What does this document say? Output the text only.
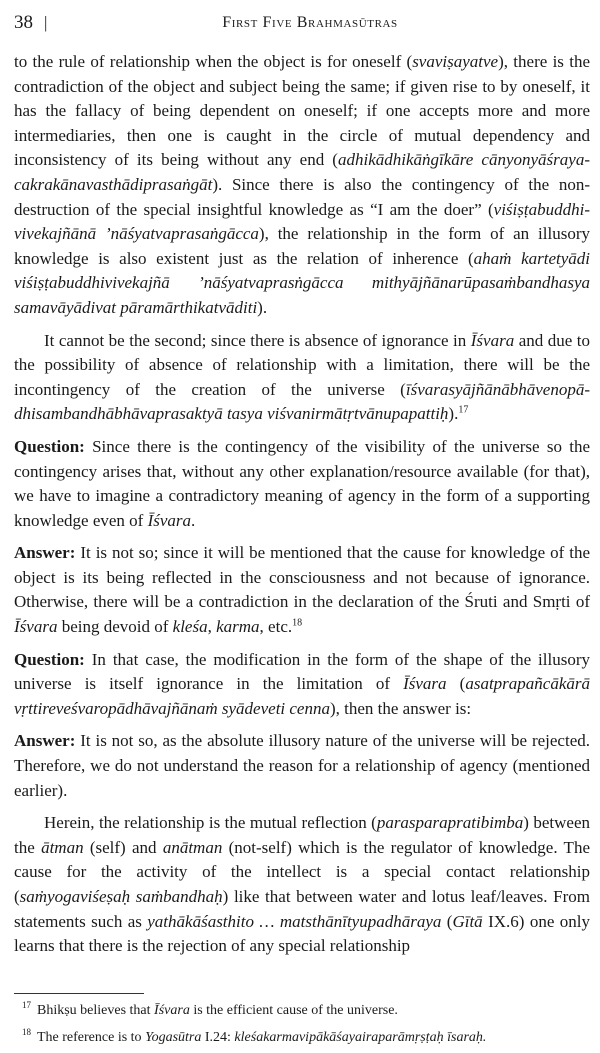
38 |	First Five Brahmasūtras

to the rule of relationship when the object is for oneself (svaviṣayatve), there is the contradiction of the object and subject being the same; if given rise to by oneself, it has the fallacy of being dependent on oneself; if one accepts more and more intermediaries, then one is caught in the circle of mutual dependency and inconsistency of its being without any end (adhikādhikāṅgīkāre cānyonyāśraya-cakrakānavasthādiprasaṅgāt). Since there is also the contingency of the non-destruction of the special insightful knowledge as “I am the doer” (viśiṣṭabuddhi-vivekajñānā ’nāśyatvaprasaṅgācca), the relationship in the form of an illusory knowledge is also existent just as the relation of inherence (ahaṁ kartetyādi viśiṣṭabuddhivivekajñā ’nāśyatvaprasṅgācca mithyājñānarūpasaṁbandhasya samavāyādivat pāramārthikatvāditi).

It cannot be the second; since there is absence of ignorance in Īśvara and due to the possibility of absence of relationship with a limitation, there will be the incontingency of the creation of the universe (īśvarasyājñānābhāvenopā-dhisambandhābhāvaprasaktyā tasya viśvanirmātṛtvānupapattiḥ).$^{17}$

Question: Since there is the contingency of the visibility of the universe so the contingency arises that, without any other explanation/resource available (for that), we have to imagine a contradictory meaning of agency in the form of a supporting knowledge even of Īśvara.

Answer: It is not so; since it will be mentioned that the cause for knowledge of the object is its being reflected in the consciousness and not because of ignorance. Otherwise, there will be a contradiction in the declaration of the Śruti and Smṛti of Īśvara being devoid of kleśa, karma, etc.$^{18}$

Question: In that case, the modification in the form of the shape of the illusory universe is itself ignorance in the limitation of Īśvara (asatprapañcākārā vṛttireveśvaropādhāvajñānaṁ syādeveti cenna), then the answer is:

Answer: It is not so, as the absolute illusory nature of the universe will be rejected. Therefore, we do not understand the reason for a relationship of agency (mentioned earlier).

Herein, the relationship is the mutual reflection (parasparapratibimba) between the ātman (self) and anātman (not-self) which is the regulator of knowledge. The cause for the activity of the intellect is a special contact relationship (saṁyogaviśeṣaḥ saṁbandhaḥ) like that between water and lotus leaf/leaves. From statements such as yathākāśasthito … matsthānītyupadhāraya (Gītā IX.6) one only learns that there is the rejection of any special relationship

$^{17}$ Bhikṣu believes that Īśvara is the efficient cause of the universe.
$^{18}$ The reference is to Yogasūtra I.24: kleśakarmavipākāśayairaparāmṛṣṭaḥ īsaraḥ.
